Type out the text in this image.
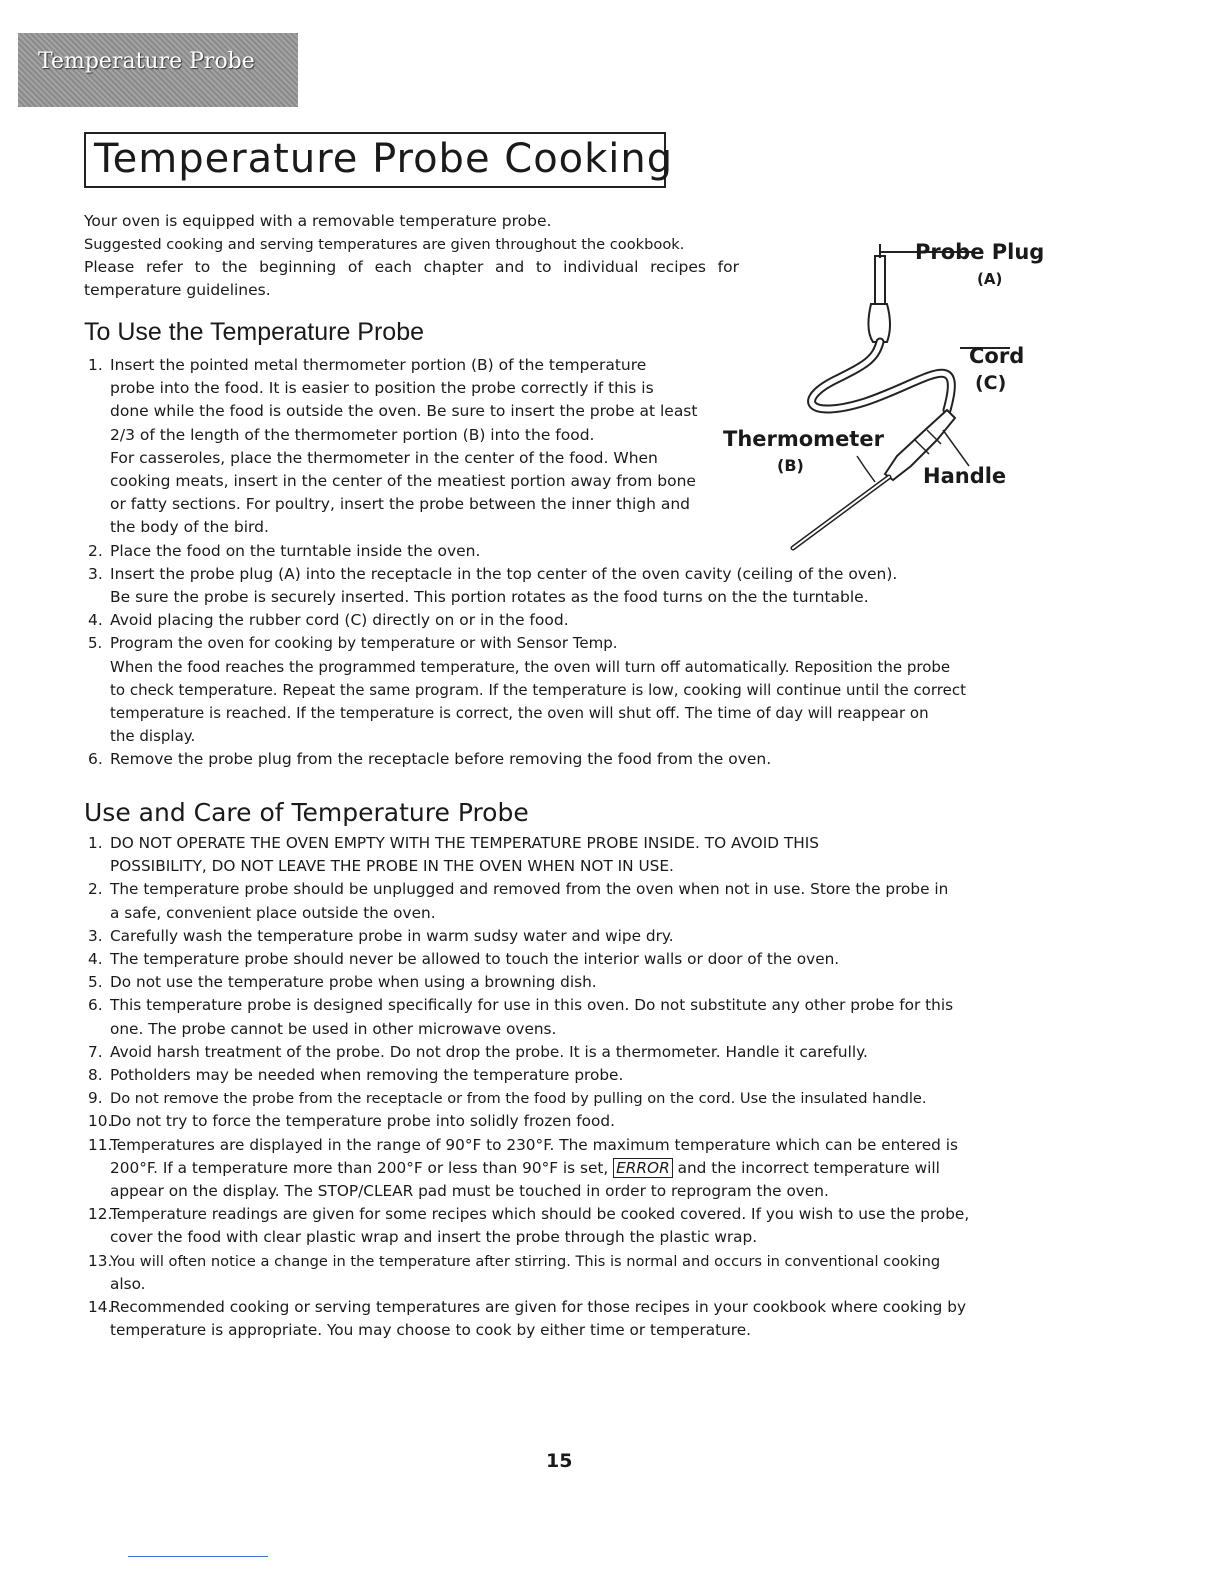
Temperature Probe
Temperature Probe Cooking
Your oven is equipped with a removable temperature probe.
Suggested cooking and serving temperatures are given throughout the cookbook.
Please refer to the beginning of each chapter and to individual recipes for
temperature guidelines.
To Use the Temperature Probe
1. Insert the pointed metal thermometer portion (B) of the temperature
probe into the food. It is easier to position the probe correctly if this is
done while the food is outside the oven. Be sure to insert the probe at least
2/3 of the length of the thermometer portion (B) into the food.
For casseroles, place the thermometer in the center of the food. When
cooking meats, insert in the center of the meatiest portion away from bone
or fatty sections. For poultry, insert the probe between the inner thigh and
the body of the bird.
2. Place the food on the turntable inside the oven.
3. Insert the probe plug (A) into the receptacle in the top center of the oven cavity (ceiling of the oven).
Be sure the probe is securely inserted. This portion rotates as the food turns on the the turntable.
4. Avoid placing the rubber cord (C) directly on or in the food.
5. Program the oven for cooking by temperature or with Sensor Temp.
When the food reaches the programmed temperature, the oven will turn off automatically. Reposition the probe
to check temperature. Repeat the same program. If the temperature is low, cooking will continue until the correct
temperature is reached. If the temperature is correct, the oven will shut off. The time of day will reappear on
the display.
6. Remove the probe plug from the receptacle before removing the food from the oven.
Probe Plug
(A)
Cord
(C)
Thermometer
(B)	Handle
Use and Care of Temperature Probe
1. DO NOT OPERATE THE OVEN EMPTY WITH THE TEMPERATURE PROBE INSIDE. TO AVOID THIS
POSSIBILITY, DO NOT LEAVE THE PROBE IN THE OVEN WHEN NOT IN USE.
2. The temperature probe should be unplugged and removed from the oven when not in use. Store the probe in
a safe, convenient place outside the oven.
3. Carefully wash the temperature probe in warm sudsy water and wipe dry.
4. The temperature probe should never be allowed to touch the interior walls or door of the oven.
5. Do not use the temperature probe when using a browning dish.
6. This temperature probe is designed specifically for use in this oven. Do not substitute any other probe for this
one. The probe cannot be used in other microwave ovens.
7. Avoid harsh treatment of the probe. Do not drop the probe. It is a thermometer. Handle it carefully.
8. Potholders may be needed when removing the temperature probe.
9. Do not remove the probe from the receptacle or from the food by pulling on the cord. Use the insulated handle.
10.
Do not try to force the temperature probe into solidly frozen food.
11.
Temperatures are displayed in the range of 90°F to 230°F. The maximum temperature which can be entered is
200°F. If a temperature more than 200°F or less than 90°F is set, ERROR and the incorrect temperature will
appear on the display. The STOP/CLEAR pad must be touched in order to reprogram the oven.
12.
Temperature readings are given for some recipes which should be cooked covered. If you wish to use the probe,
cover the food with clear plastic wrap and insert the probe through the plastic wrap.
13.
You will often notice a change in the temperature after stirring. This is normal and occurs in conventional cooking
also.
14.
Recommended cooking or serving temperatures are given for those recipes in your cookbook where cooking by
temperature is appropriate. You may choose to cook by either time or temperature.
15
